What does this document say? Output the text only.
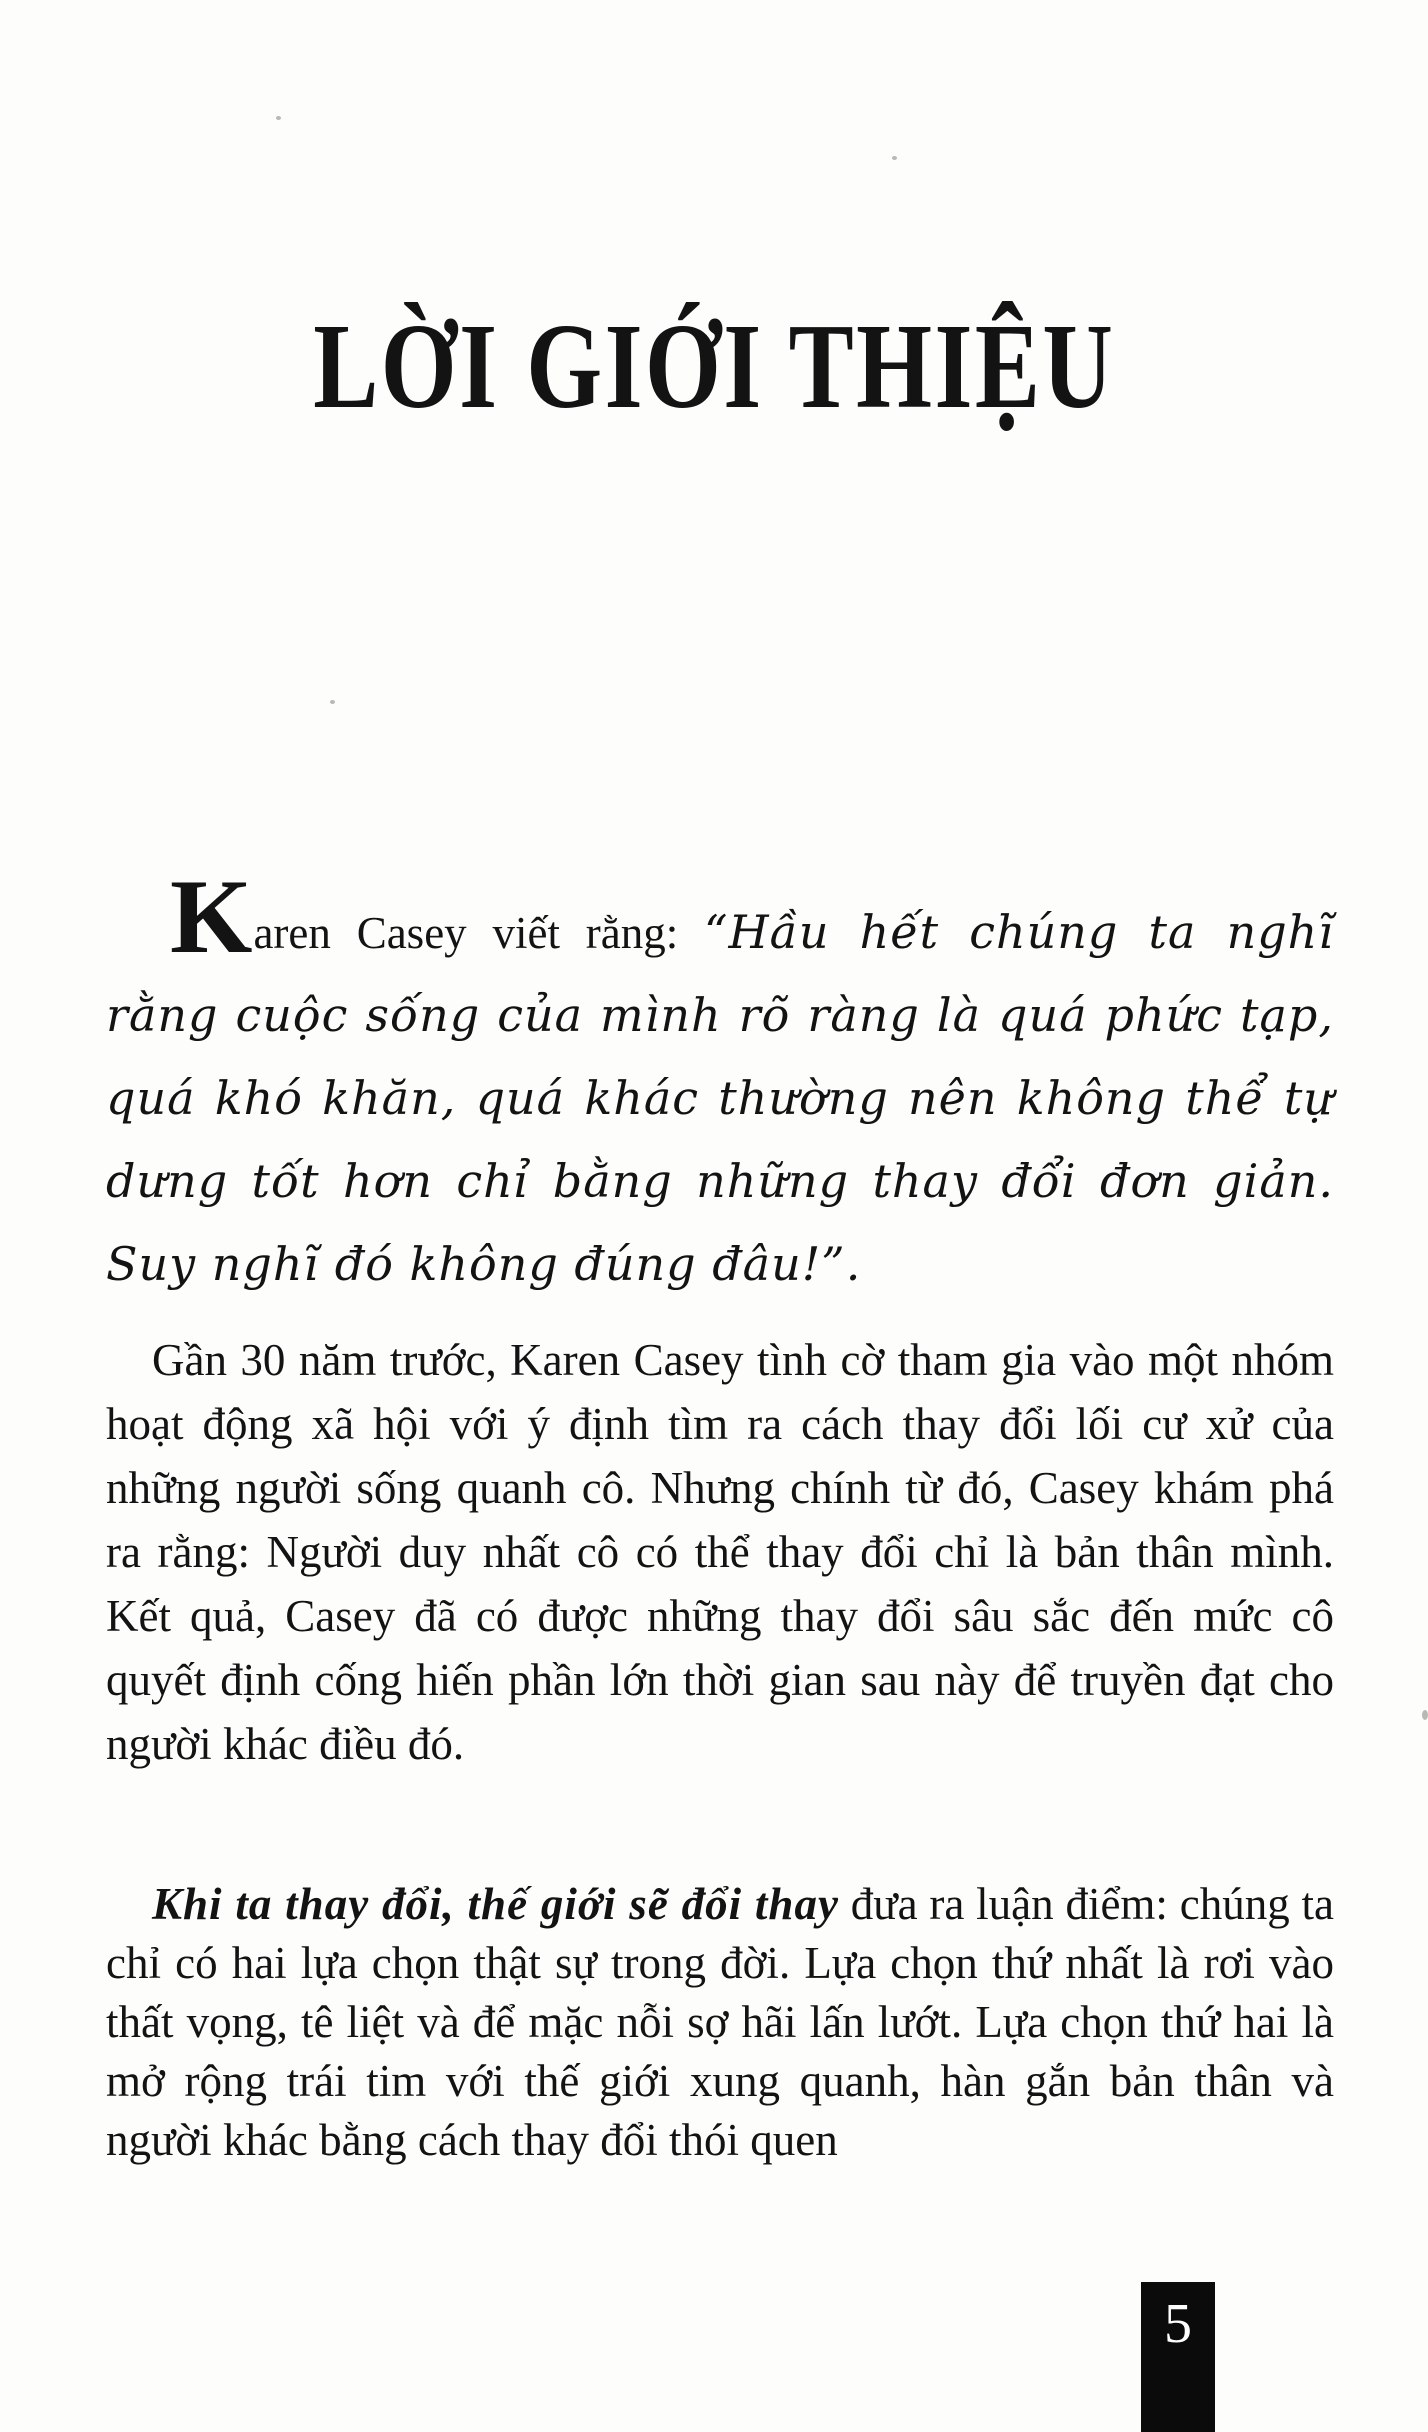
LỜI GIỚI THIỆU

Karen Casey viết rằng: “Hầu hết chúng ta nghĩ rằng cuộc sống của mình rõ ràng là quá phức tạp, quá khó khăn, quá khác thường nên không thể tự dưng tốt hơn chỉ bằng những thay đổi đơn giản. Suy nghĩ đó không đúng đâu!”.

Gần 30 năm trước, Karen Casey tình cờ tham gia vào một nhóm hoạt động xã hội với ý định tìm ra cách thay đổi lối cư xử của những người sống quanh cô. Nhưng chính từ đó, Casey khám phá ra rằng: Người duy nhất cô có thể thay đổi chỉ là bản thân mình. Kết quả, Casey đã có được những thay đổi sâu sắc đến mức cô quyết định cống hiến phần lớn thời gian sau này để truyền đạt cho người khác điều đó.

Khi ta thay đổi, thế giới sẽ đổi thay đưa ra luận điểm: chúng ta chỉ có hai lựa chọn thật sự trong đời. Lựa chọn thứ nhất là rơi vào thất vọng, tê liệt và để mặc nỗi sợ hãi lấn lướt. Lựa chọn thứ hai là mở rộng trái tim với thế giới xung quanh, hàn gắn bản thân và người khác bằng cách thay đổi thói quen

5
